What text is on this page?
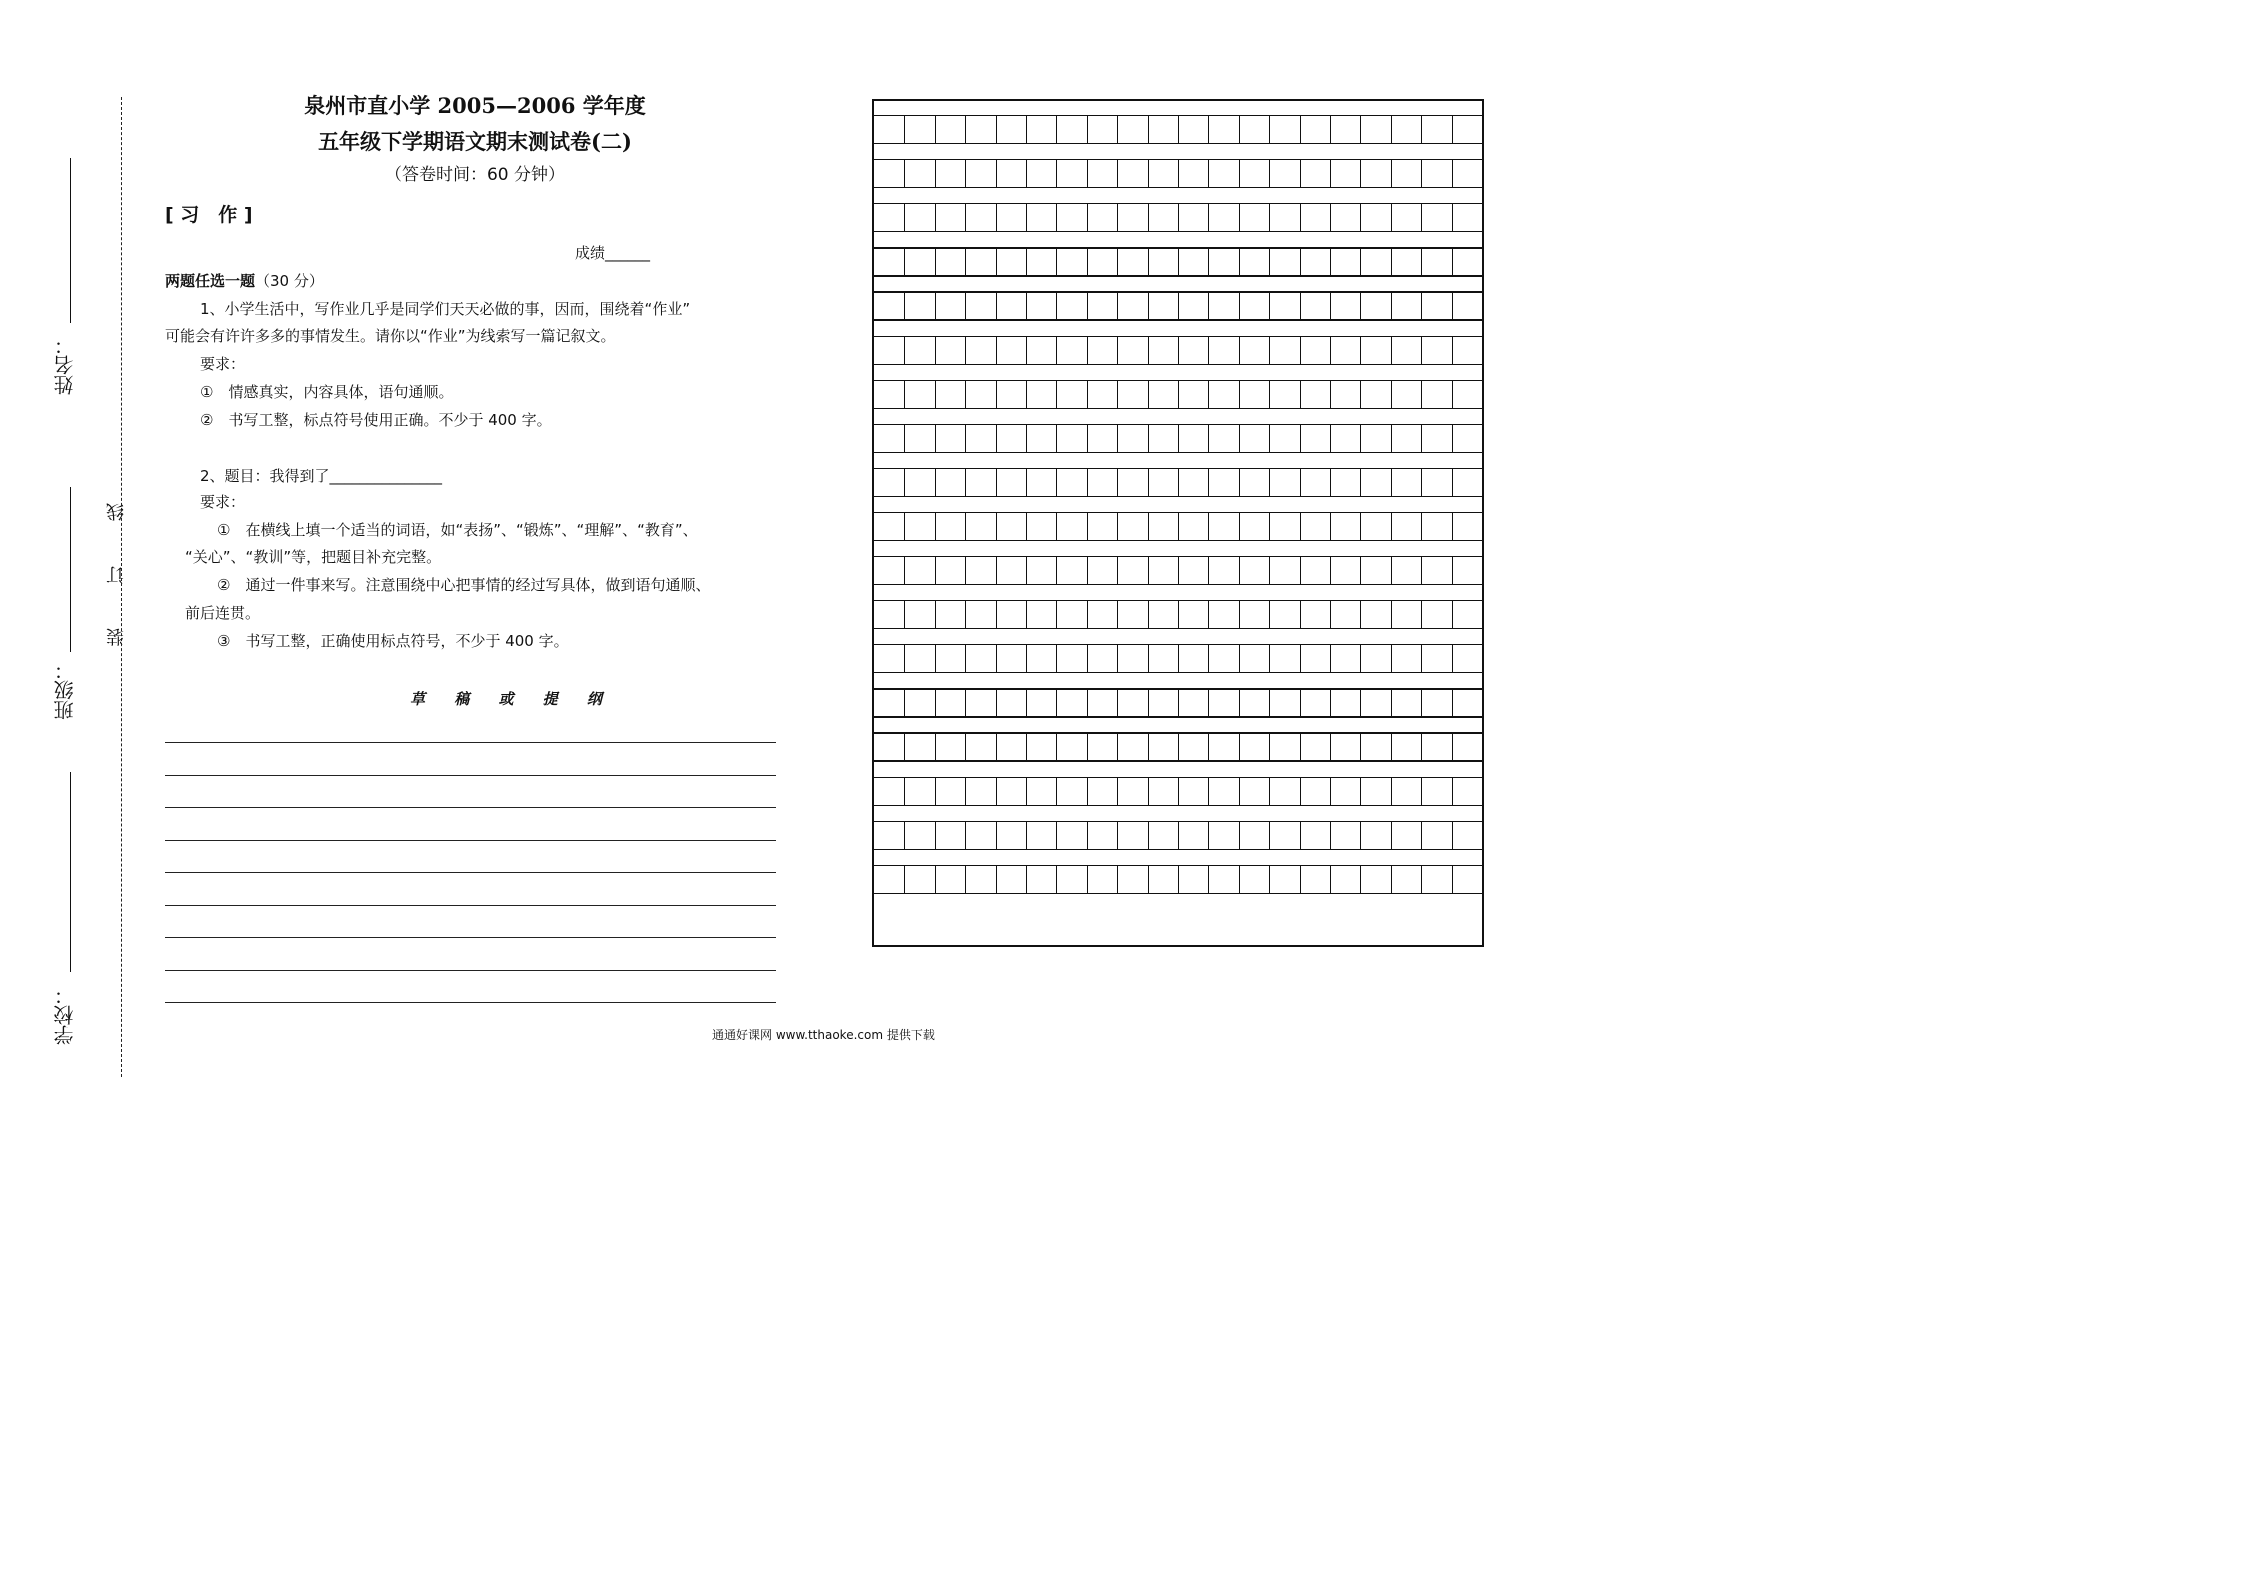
姓名：
班级：
学校：
装
订
线
泉州市直小学 2005—2006 学年度
五年级下学期语文期末测试卷(二)
（答卷时间：60 分钟）
[ 习　作 ]
成绩______
两题任选一题（30 分）
1、小学生活中，写作业几乎是同学们天天必做的事，因而，围绕着“作业”
可能会有许许多多的事情发生。请你以“作业”为线索写一篇记叙文。
要求：
①　情感真实，内容具体，语句通顺。
②　书写工整，标点符号使用正确。不少于 400 字。
2、题目：我得到了_______________
要求：
①　在横线上填一个适当的词语，如“表扬”、“锻炼”、“理解”、“教育”、
“关心”、“教训”等，把题目补充完整。
②　通过一件事来写。注意围绕中心把事情的经过写具体，做到语句通顺、
前后连贯。
③　书写工整，正确使用标点符号，不少于 400 字。
草 稿 或 提 纲
通通好课网 www.tthaoke.com 提供下载
